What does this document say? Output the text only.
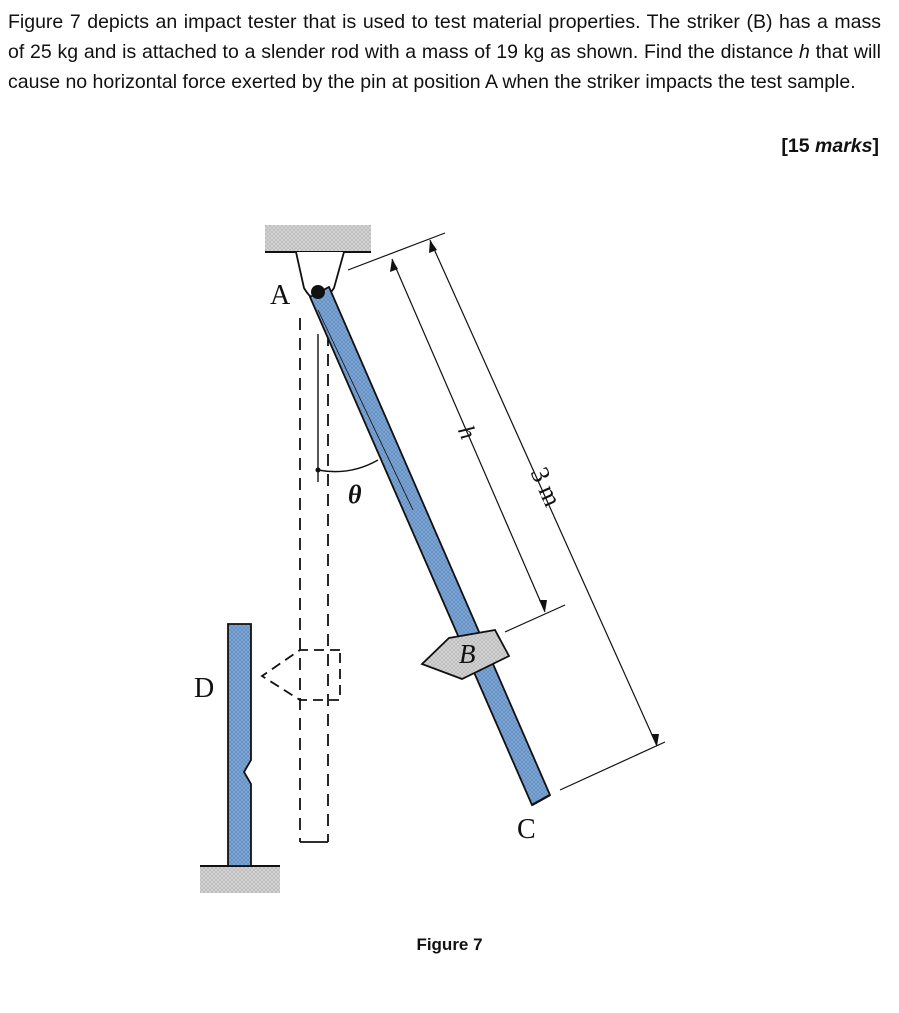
Figure 7 depicts an impact tester that is used to test material properties. The striker (B) has a mass of 25 kg and is attached to a slender rod with a mass of 19 kg as shown. Find the distance h that will cause no horizontal force exerted by the pin at position A when the striker impacts the test sample.

[15 marks]
A
B
C
D
θ
h
3 m
Figure 7
